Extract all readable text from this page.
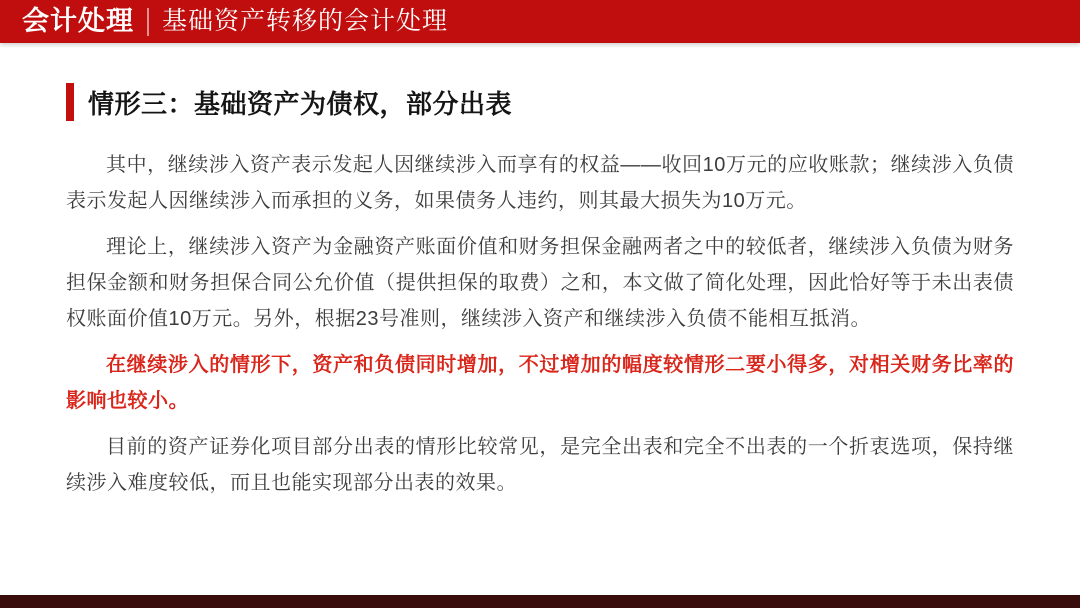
会计处理 基础资产转移的会计处理
情形三：基础资产为债权，部分出表

其中，继续涉入资产表示发起人因继续涉入而享有的权益——收回10万元的应收账款；继续涉入负债表示发起人因继续涉入而承担的义务，如果债务人违约，则其最大损失为10万元。

理论上，继续涉入资产为金融资产账面价值和财务担保金融两者之中的较低者，继续涉入负债为财务担保金额和财务担保合同公允价值（提供担保的取费）之和，本文做了简化处理，因此恰好等于未出表债权账面价值10万元。另外，根据23号准则，继续涉入资产和继续涉入负债不能相互抵消。

在继续涉入的情形下，资产和负债同时增加，不过增加的幅度较情形二要小得多，对相关财务比率的影响也较小。

目前的资产证券化项目部分出表的情形比较常见，是完全出表和完全不出表的一个折衷选项，保持继续涉入难度较低，而且也能实现部分出表的效果。
